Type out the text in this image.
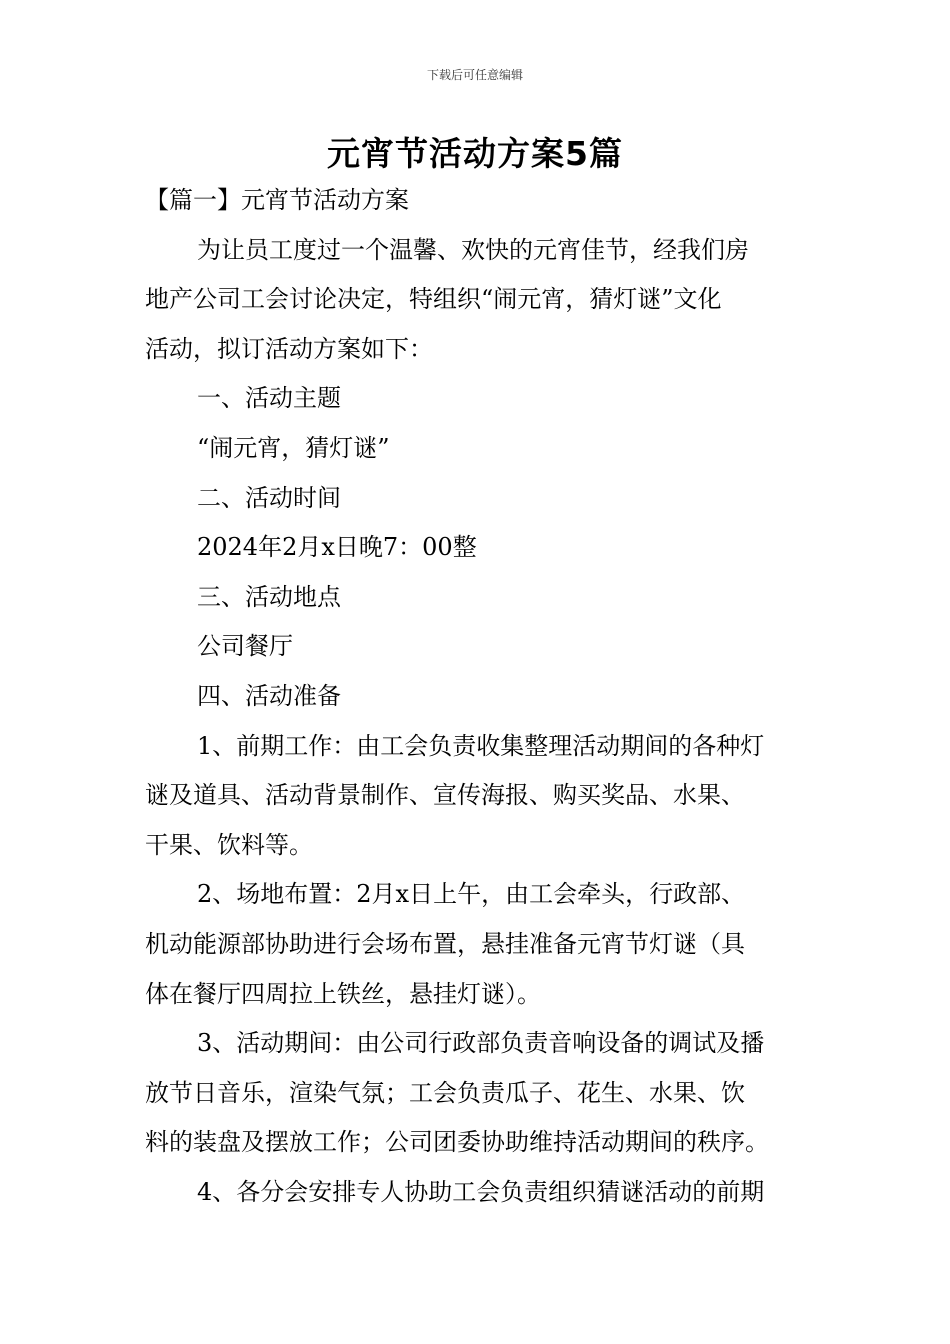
下载后可任意编辑
元宵节活动方案5篇
【篇一】元宵节活动方案
为让员工度过一个温馨、欢快的元宵佳节，经我们房
地产公司工会讨论决定，特组织“闹元宵，猜灯谜”文化
活动，拟订活动方案如下：
一、活动主题
“闹元宵，猜灯谜”
二、活动时间
2024年2月x日晚7：00整
三、活动地点
公司餐厅
四、活动准备
1、前期工作：由工会负责收集整理活动期间的各种灯
谜及道具、活动背景制作、宣传海报、购买奖品、水果、
干果、饮料等。
2、场地布置：2月x日上午，由工会牵头，行政部、
机动能源部协助进行会场布置，悬挂准备元宵节灯谜（具
体在餐厅四周拉上铁丝，悬挂灯谜）。
3、活动期间：由公司行政部负责音响设备的调试及播
放节日音乐，渲染气氛；工会负责瓜子、花生、水果、饮
料的装盘及摆放工作；公司团委协助维持活动期间的秩序。
4、各分会安排专人协助工会负责组织猜谜活动的前期
